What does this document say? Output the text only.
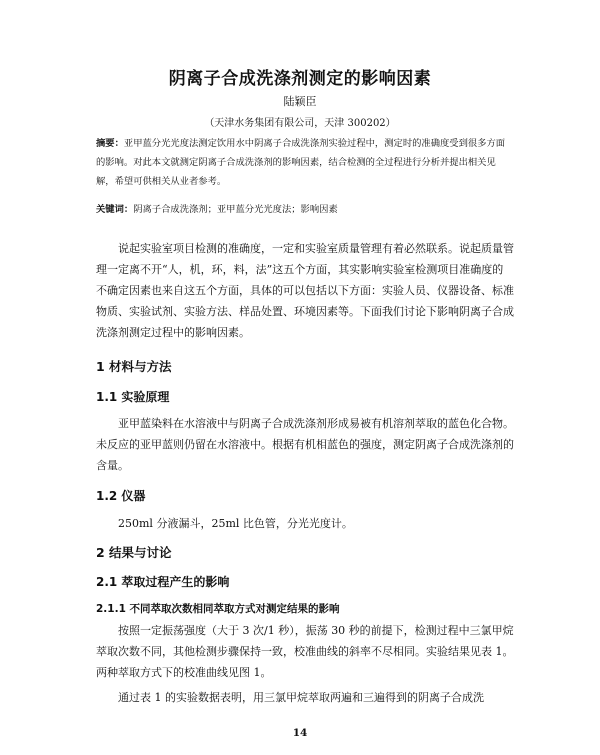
阴离子合成洗涤剂测定的影响因素
陆颖臣
（天津水务集团有限公司，天津 300202）
摘要：亚甲蓝分光光度法测定饮用水中阴离子合成洗涤剂实验过程中，测定时的准确度受到很多方面的影响。对此本文就测定阴离子合成洗涤剂的影响因素，结合检测的全过程进行分析并提出相关见解，希望可供相关从业者参考。
关键词：阴离子合成洗涤剂；亚甲蓝分光光度法；影响因素
说起实验室项目检测的准确度，一定和实验室质量管理有着必然联系。说起质量管理一定离不开“人，机，环，料，法”这五个方面，其实影响实验室检测项目准确度的不确定因素也来自这五个方面，具体的可以包括以下方面：实验人员、仪器设备、标准物质、实验试剂、实验方法、样品处置、环境因素等。下面我们讨论下影响阴离子合成洗涤剂测定过程中的影响因素。
1 材料与方法
1.1 实验原理
亚甲蓝染料在水溶液中与阴离子合成洗涤剂形成易被有机溶剂萃取的蓝色化合物。未反应的亚甲蓝则仍留在水溶液中。根据有机相蓝色的强度，测定阴离子合成洗涤剂的含量。
1.2 仪器
250ml 分液漏斗，25ml 比色管，分光光度计。
2 结果与讨论
2.1 萃取过程产生的影响
2.1.1 不同萃取次数相同萃取方式对测定结果的影响
按照一定振荡强度（大于 3 次/1 秒），振荡 30 秒的前提下，检测过程中三氯甲烷萃取次数不同，其他检测步骤保持一致，校准曲线的斜率不尽相同。实验结果见表 1。两种萃取方式下的校准曲线见图 1。
通过表 1 的实验数据表明，用三氯甲烷萃取两遍和三遍得到的阴离子合成洗
14
